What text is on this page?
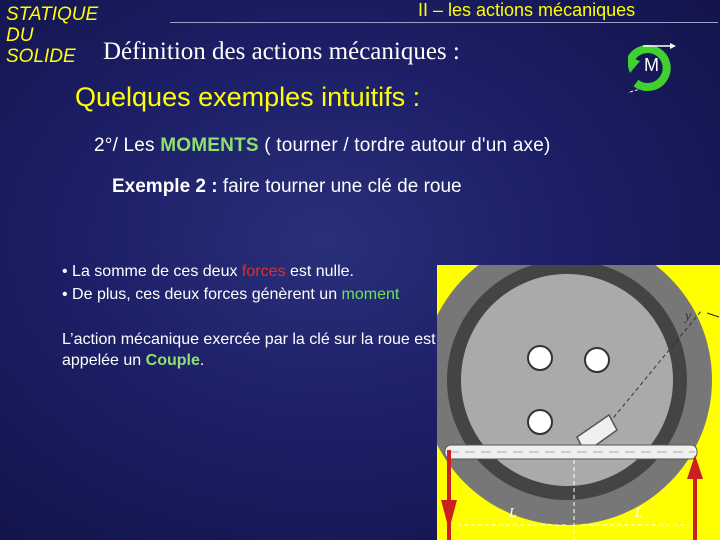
STATIQUE DU SOLIDE
II – les actions mécaniques
Définition des actions mécaniques :
Quelques exemples intuitifs :
M
2°/ Les MOMENTS ( tourner / tordre autour d'un axe)
Exemple 2 : faire tourner une clé de roue
y
L	L
• La somme de ces deux forces est nulle.
• De plus, ces deux forces génèrent un moment
L’action mécanique exercée par la clé sur la roue est appelée un Couple.
